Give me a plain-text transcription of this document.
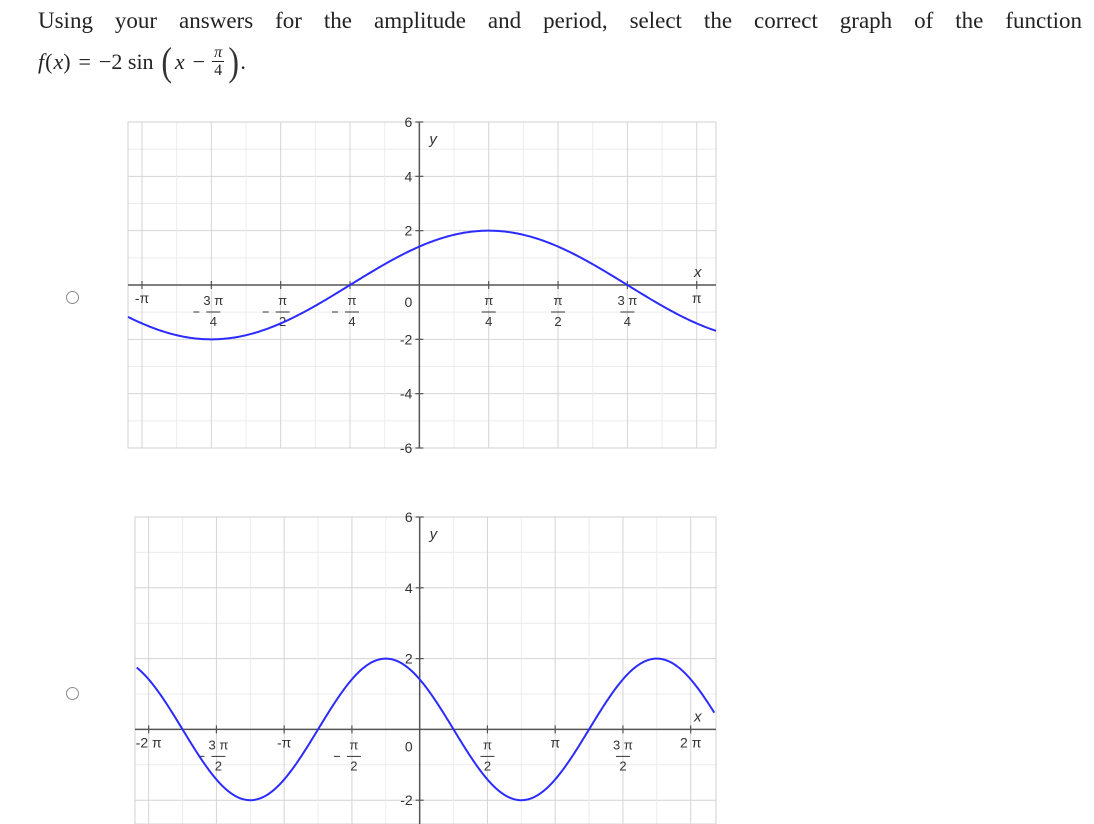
Using your answers for the amplitude and period, select the correct graph of the function
f ( x ) = −2 sin ( $x - \frac{\pi}{4}$ ) .
6
4
2
-2
-4
-6
0
y
x
-π	3 π
4
π
2
π
4
π
4
π
2
3 π
4
π
6
4
2
-2
0
y
x
-2 π	3 π
2
-π	π
2
π
2
π	3 π
2
2 π
